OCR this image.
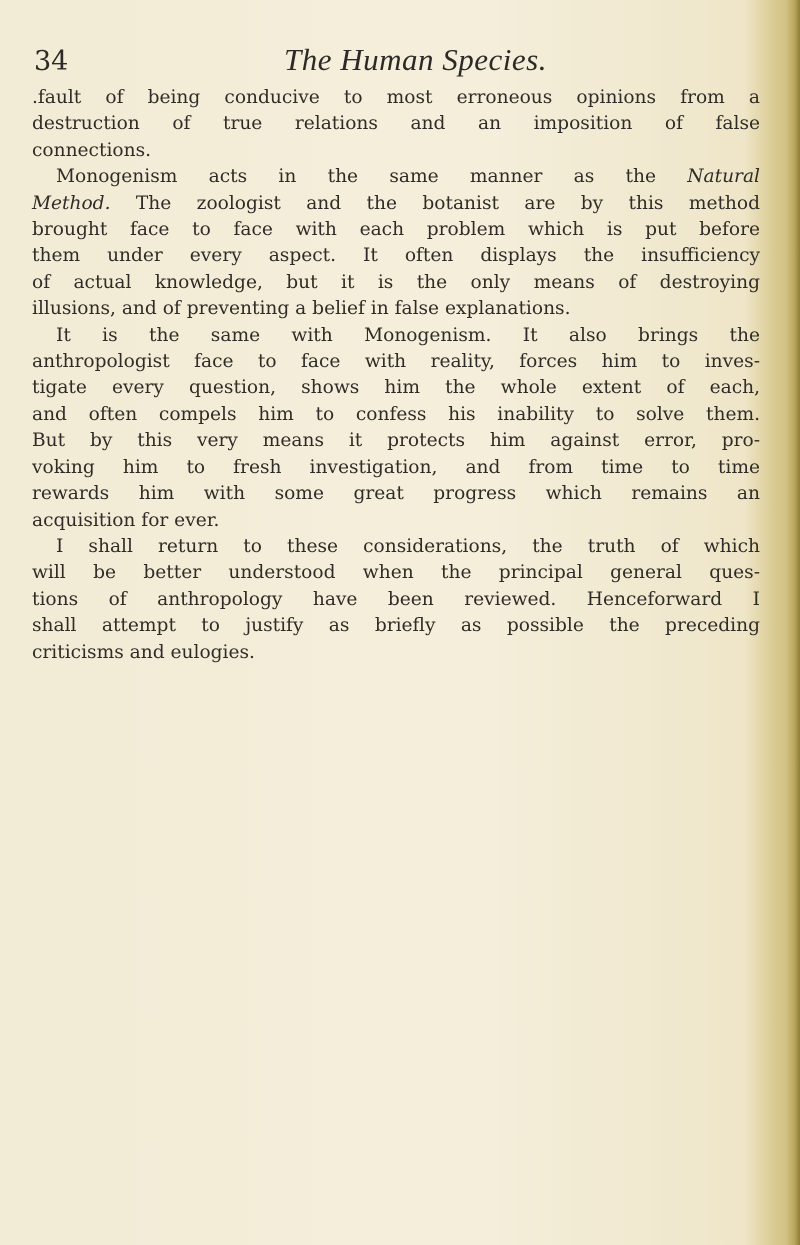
34	The Human Species.
.fault of being conducive to most erroneous opinions from a
destruction of true relations and an imposition of false
connections.
Monogenism acts in the same manner as the Natural
Method. The zoologist and the botanist are by this method
brought face to face with each problem which is put before
them under every aspect. It often displays the insufficiency
of actual knowledge, but it is the only means of destroying
illusions, and of preventing a belief in false explanations.
It is the same with Monogenism. It also brings the
anthropologist face to face with reality, forces him to inves-
tigate every question, shows him the whole extent of each,
and often compels him to confess his inability to solve them.
But by this very means it protects him against error, pro-
voking him to fresh investigation, and from time to time
rewards him with some great progress which remains an
acquisition for ever.
I shall return to these considerations, the truth of which
will be better understood when the principal general ques-
tions of anthropology have been reviewed. Henceforward I
shall attempt to justify as briefly as possible the preceding
criticisms and eulogies.
